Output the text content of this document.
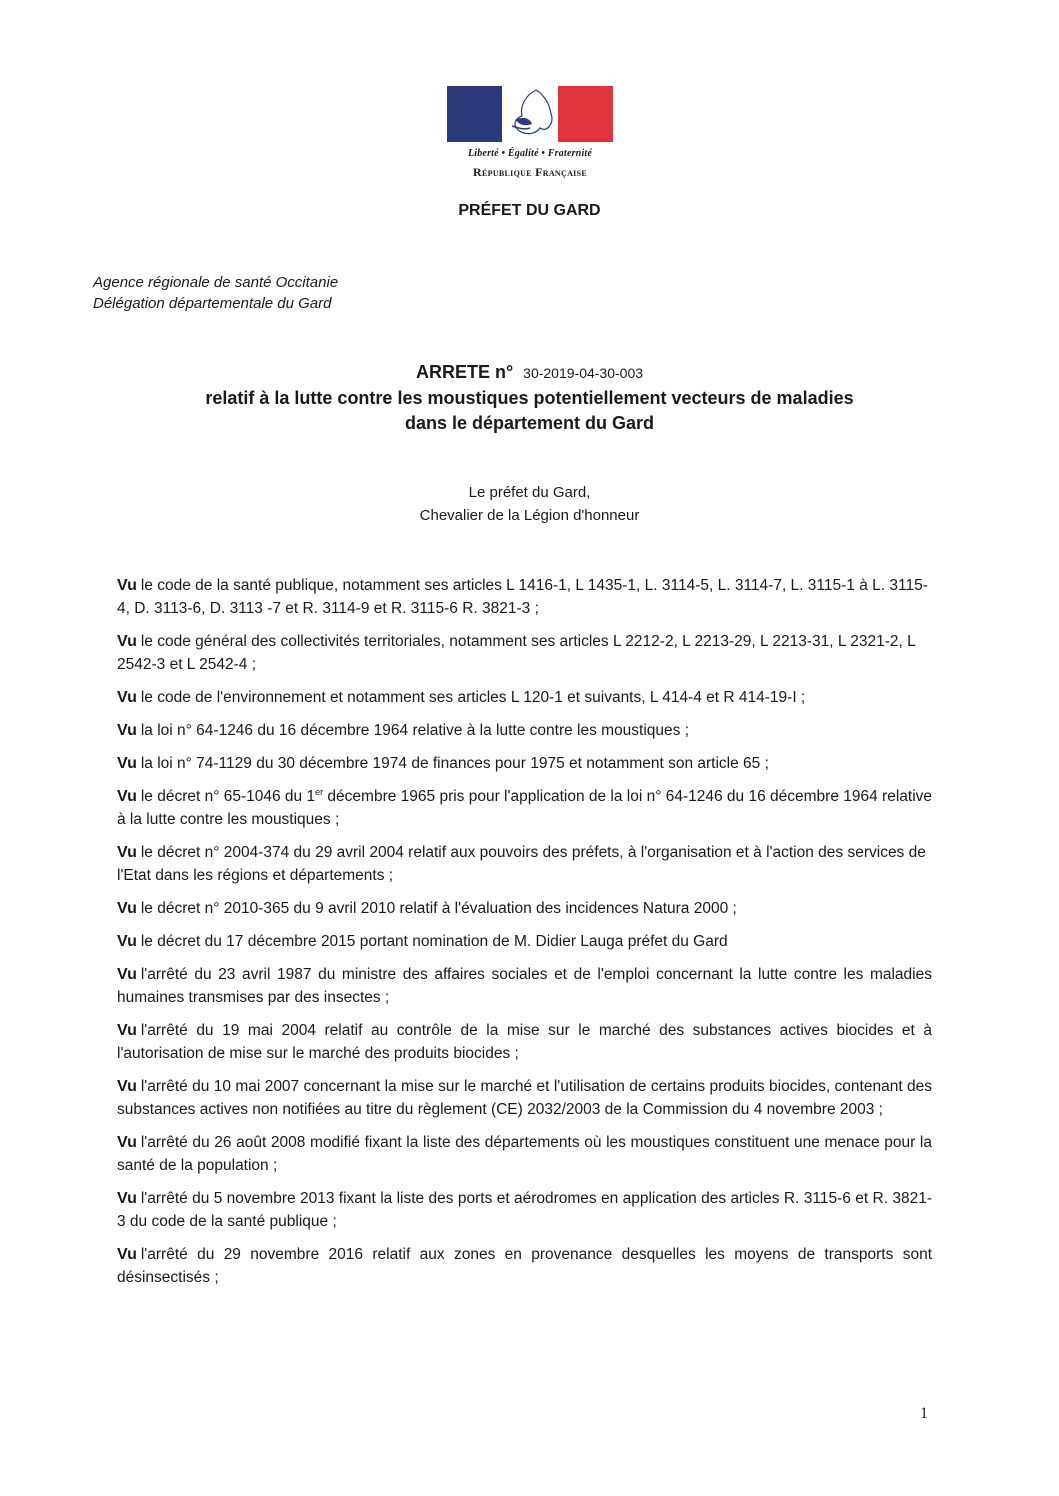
Liberté • Égalité • Fraternité
République Française
PRÉFET DU GARD
Agence régionale de santé Occitanie
Délégation départementale du Gard
ARRETE n° 30-2019-04-30-003
relatif à la lutte contre les moustiques potentiellement vecteurs de maladies
dans le département du Gard
Le préfet du Gard,
Chevalier de la Légion d'honneur

Vu le code de la santé publique, notamment ses articles L 1416-1, L 1435-1, L. 3114-5, L. 3114-7, L. 3115-1 à L. 3115-4, D. 3113-6, D. 3113 -7 et R. 3114-9 et R. 3115-6 R. 3821-3 ;

Vu le code général des collectivités territoriales, notamment ses articles L 2212-2, L 2213-29, L 2213-31, L 2321-2, L 2542-3 et L 2542-4 ;

Vu le code de l'environnement et notamment ses articles L 120-1 et suivants, L 414-4 et R 414-19-I ;

Vu la loi n° 64-1246 du 16 décembre 1964 relative à la lutte contre les moustiques ;

Vu la loi n° 74-1129 du 30 décembre 1974 de finances pour 1975 et notamment son article 65 ;

Vu le décret n° 65-1046 du 1er décembre 1965 pris pour l'application de la loi n° 64-1246 du 16 décembre 1964 relative à la lutte contre les moustiques ;

Vu le décret n° 2004-374 du 29 avril 2004 relatif aux pouvoirs des préfets, à l'organisation et à l'action des services de l'Etat dans les régions et départements ;

Vu le décret n° 2010-365 du 9 avril 2010 relatif à l'évaluation des incidences Natura 2000 ;

Vu le décret du 17 décembre 2015 portant nomination de M. Didier Lauga préfet du Gard

Vu l'arrêté du 23 avril 1987 du ministre des affaires sociales et de l'emploi concernant la lutte contre les maladies humaines transmises par des insectes ;

Vu l'arrêté du 19 mai 2004 relatif au contrôle de la mise sur le marché des substances actives biocides et à l'autorisation de mise sur le marché des produits biocides ;

Vu l'arrêté du 10 mai 2007 concernant la mise sur le marché et l'utilisation de certains produits biocides, contenant des substances actives non notifiées au titre du règlement (CE) 2032/2003 de la Commission du 4 novembre 2003 ;

Vu l'arrêté du 26 août 2008 modifié fixant la liste des départements où les moustiques constituent une menace pour la santé de la population ;

Vu l'arrêté du 5 novembre 2013 fixant la liste des ports et aérodromes en application des articles R. 3115-6 et R. 3821-3 du code de la santé publique ;

Vu l'arrêté du 29 novembre 2016 relatif aux zones en provenance desquelles les moyens de transports sont désinsectisés ;

1
